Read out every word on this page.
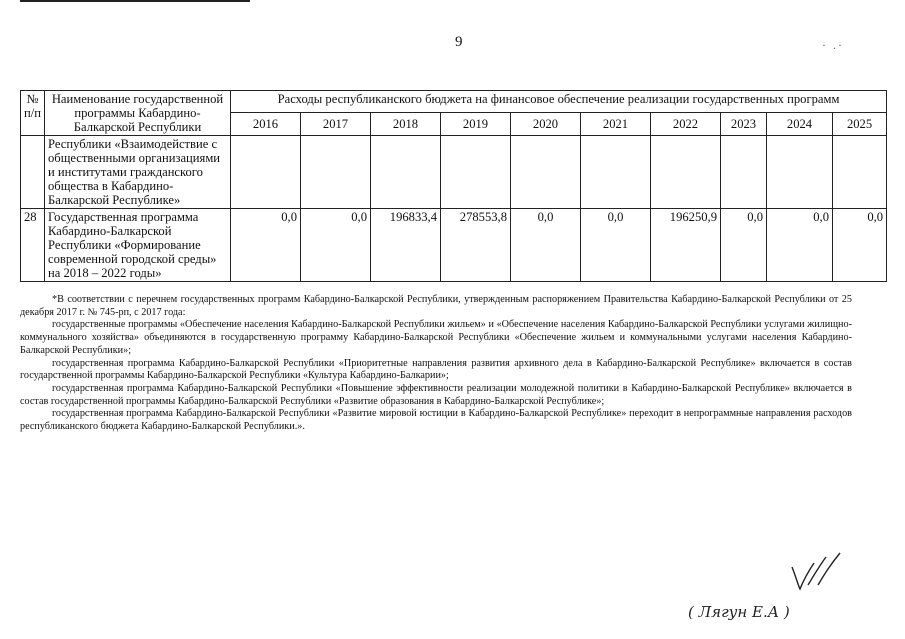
9	· .·
№ п/п	Наименование государственной программы Кабардино-Балкарской Республики	Расходы республиканского бюджета на финансовое обеспечение реализации государственных программ									
		2016	2017	2018	2019	2020	2021	2022	2023	2024	2025
	Республики «Взаимодействие с общественными организациями и институтами гражданского общества в Кабардино-Балкарской Республике»										
28	Государственная программа Кабардино-Балкарской Республики «Формирование современной городской среды» на 2018 – 2022 годы»	0,0	0,0	196833,4	278553,8	0,0	0,0	196250,9	0,0	0,0	0,0

*В соответствии с перечнем государственных программ Кабардино-Балкарской Республики, утвержденным распоряжением Правительства Кабардино-Балкарской Республики от 25 декабря 2017 г. № 745-рп, с 2017 года:

государственные программы «Обеспечение населения Кабардино-Балкарской Республики жильем» и «Обеспечение населения Кабардино-Балкарской Республики услугами жилищно-коммунального хозяйства» объединяются в государственную программу Кабардино-Балкарской Республики «Обеспечение жильем и коммунальными услугами населения Кабардино-Балкарской Республики»;

государственная программа Кабардино-Балкарской Республики «Приоритетные направления развития архивного дела в Кабардино-Балкарской Республике» включается в состав государственной программы Кабардино-Балкарской Республики «Культура Кабардино-Балкарии»;

государственная программа Кабардино-Балкарской Республики «Повышение эффективности реализации молодежной политики в Кабардино-Балкарской Республике» включается в состав государственной программы Кабардино-Балкарской Республики «Развитие образования в Кабардино-Балкарской Республике»;

государственная программа Кабардино-Балкарской Республики «Развитие мировой юстиции в Кабардино-Балкарской Республике» переходит в непрограммные направления расходов республиканского бюджета Кабардино-Балкарской Республики.».

( Лягун Е.А )
